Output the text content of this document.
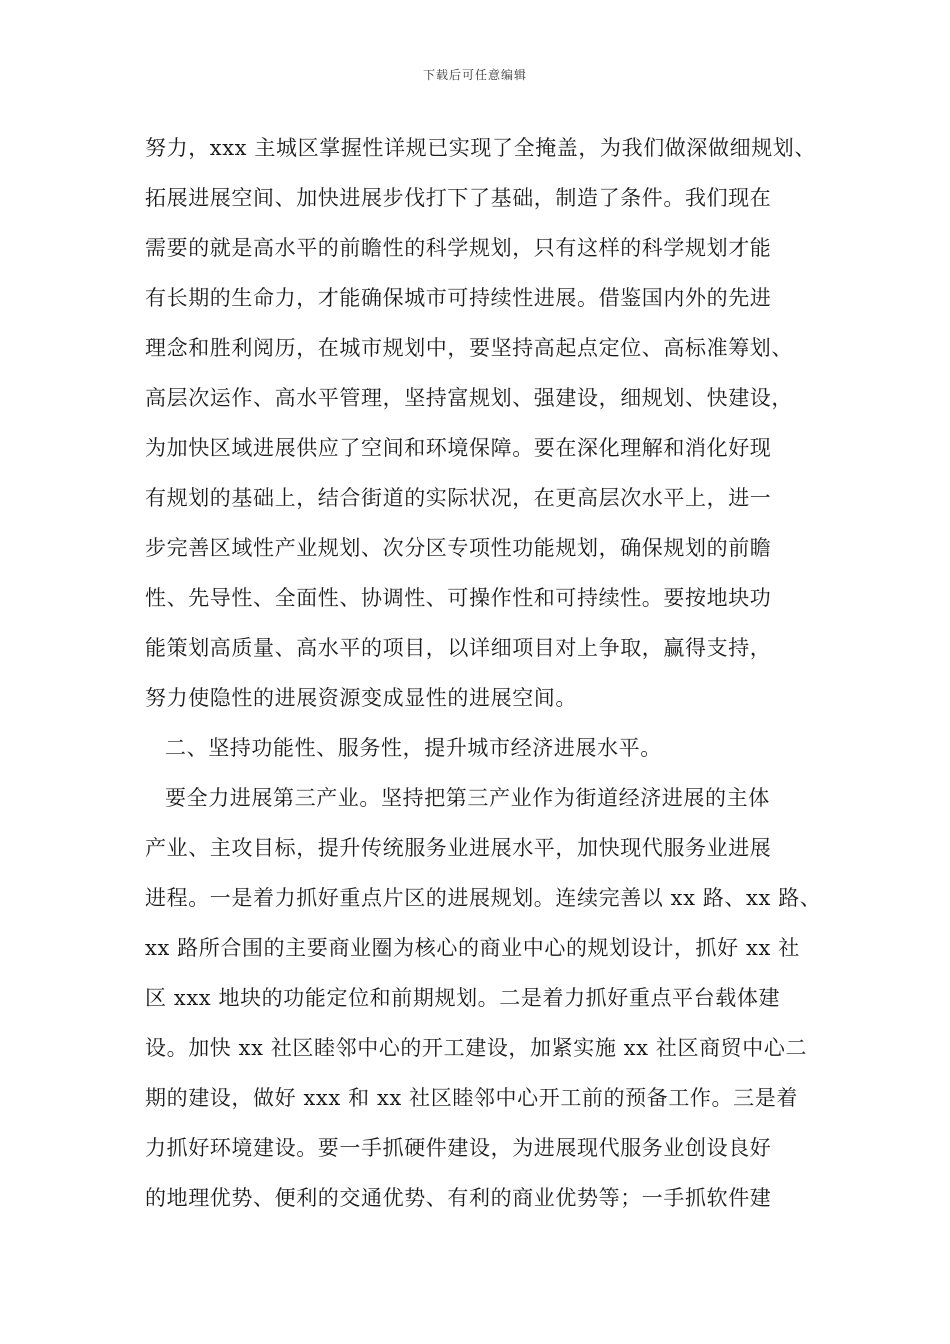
下载后可任意编辑
努力，xxx 主城区掌握性详规已实现了全掩盖，为我们做深做细规划、
拓展进展空间、加快进展步伐打下了基础，制造了条件。我们现在
需要的就是高水平的前瞻性的科学规划，只有这样的科学规划才能
有长期的生命力，才能确保城市可持续性进展。借鉴国内外的先进
理念和胜利阅历，在城市规划中，要坚持高起点定位、高标准筹划、
高层次运作、高水平管理，坚持富规划、强建设，细规划、快建设，
为加快区域进展供应了空间和环境保障。要在深化理解和消化好现
有规划的基础上，结合街道的实际状况，在更高层次水平上，进一
步完善区域性产业规划、次分区专项性功能规划，确保规划的前瞻
性、先导性、全面性、协调性、可操作性和可持续性。要按地块功
能策划高质量、高水平的项目，以详细项目对上争取，赢得支持，
努力使隐性的进展资源变成显性的进展空间。
二、坚持功能性、服务性，提升城市经济进展水平。
要全力进展第三产业。坚持把第三产业作为街道经济进展的主体
产业、主攻目标，提升传统服务业进展水平，加快现代服务业进展
进程。一是着力抓好重点片区的进展规划。连续完善以 xx 路、xx 路、
xx 路所合围的主要商业圈为核心的商业中心的规划设计，抓好 xx 社
区 xxx 地块的功能定位和前期规划。二是着力抓好重点平台载体建
设。加快 xx 社区睦邻中心的开工建设，加紧实施 xx 社区商贸中心二
期的建设，做好 xxx 和 xx 社区睦邻中心开工前的预备工作。三是着
力抓好环境建设。要一手抓硬件建设，为进展现代服务业创设良好
的地理优势、便利的交通优势、有利的商业优势等；一手抓软件建
